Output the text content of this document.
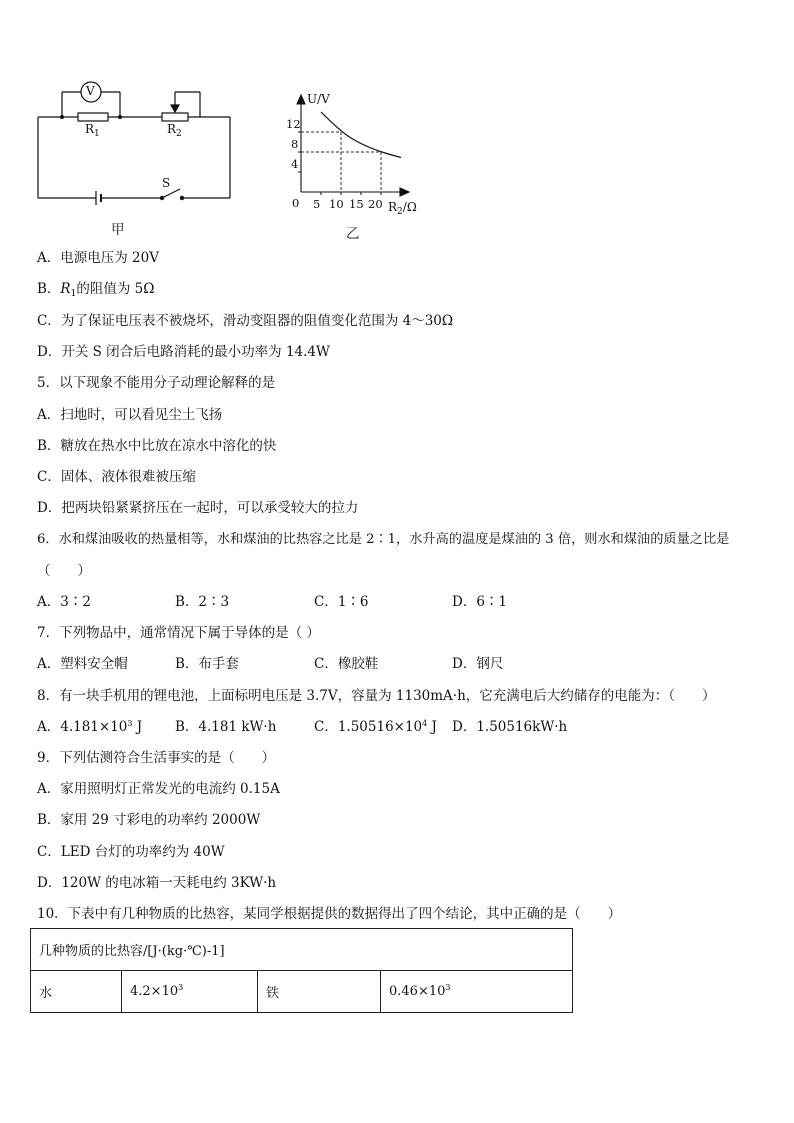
V
$R_1$	$R_2$
S
甲
U/V
12
8
4
0 5 10 15 20 $R_2/\Omega$
乙
A．电源电压为 20V
B．$R_1$的阻值为 5Ω
C．为了保证电压表不被烧坏，滑动变阻器的阻值变化范围为 4～30Ω
D．开关 S 闭合后电路消耗的最小功率为 14.4W
5．以下现象不能用分子动理论解释的是
A．扫地时，可以看见尘土飞扬
B．糖放在热水中比放在凉水中溶化的快
C．固体、液体很难被压缩
D．把两块铅紧紧挤压在一起时，可以承受较大的拉力
6．水和煤油吸收的热量相等，水和煤油的比热容之比是 2∶1，水升高的温度是煤油的 3 倍，则水和煤油的质量之比是
（　　）
A．3∶2	B．2∶3	C．1∶6	D．6∶1
7．下列物品中，通常情况下属于导体的是（ ）
A．塑料安全帽	B．布手套	C．橡胶鞋	D．钢尺
8．有一块手机用的锂电池，上面标明电压是 3.7V，容量为 1130mA·h，它充满电后大约储存的电能为：（　　）
A．$4.181\times 10^3$ J B．4.181 kW·h	C．$1.50516\times 10^4$ J D．1.50516kW·h
9．下列估测符合生活事实的是（　　）
A．家用照明灯正常发光的电流约 0.15A
B．家用 29 寸彩电的功率约 2000W
C．LED 台灯的功率约为 40W
D．120W 的电冰箱一天耗电约 3KW·h
10．下表中有几种物质的比热容，某同学根据提供的数据得出了四个结论，其中正确的是（　　）
几种物质的比热容/[J·(kg·℃)-1]
水	$4.2\times 10^3$	铁	$0.46\times 10^3$
